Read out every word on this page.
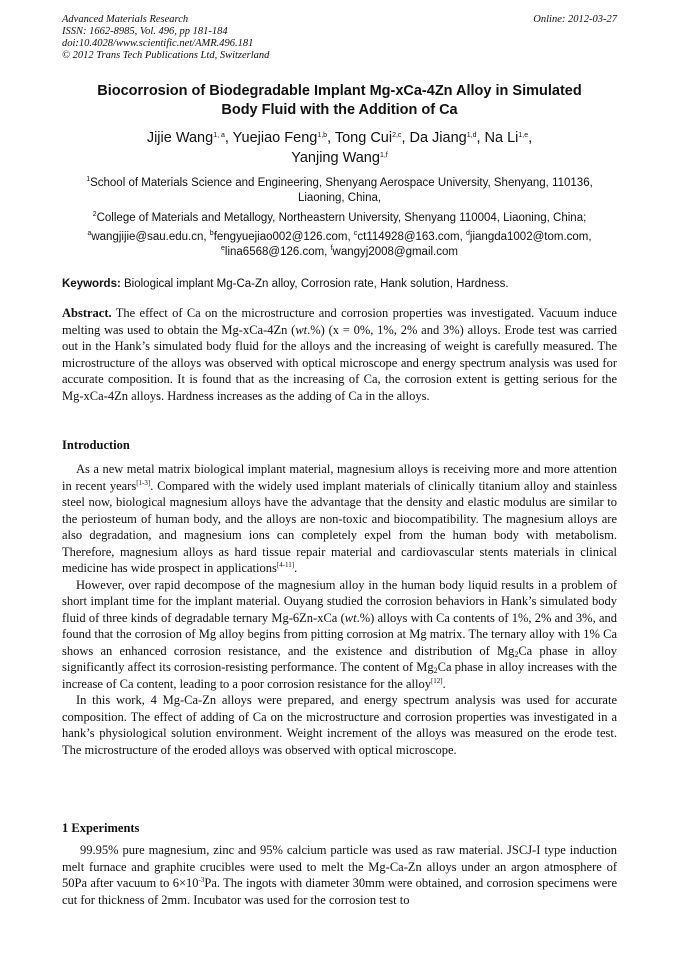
Advanced Materials Research
ISSN: 1662-8985, Vol. 496, pp 181-184
doi:10.4028/www.scientific.net/AMR.496.181
© 2012 Trans Tech Publications Ltd, Switzerland
Online: 2012-03-27
Biocorrosion of Biodegradable Implant Mg-xCa-4Zn Alloy in Simulated
Body Fluid with the Addition of Ca
Jijie Wang$^{1, a}$, Yuejiao Feng$^{1,b}$, Tong Cui$^{2,c}$, Da Jiang$^{1,d}$, Na Li$^{1,e}$,
Yanjing Wang$^{1,f}$
$^1$School of Materials Science and Engineering, Shenyang Aerospace University, Shenyang, 110136, Liaoning, China,
$^2$College of Materials and Metallogy, Northeastern University, Shenyang 110004, Liaoning, China;
$^a$wangjijie@sau.edu.cn, $^b$fengyuejiao002@126.com, $^c$ct114928@163.com, $^d$jiangda1002@tom.com,
$^e$lina6568@126.com, $^f$wangyj2008@gmail.com
Keywords: Biological implant Mg-Ca-Zn alloy, Corrosion rate, Hank solution, Hardness.
Abstract. The effect of Ca on the microstructure and corrosion properties was investigated. Vacuum induce melting was used to obtain the Mg-xCa-4Zn (wt.%) (x = 0%, 1%, 2% and 3%) alloys. Erode test was carried out in the Hank’s simulated body fluid for the alloys and the increasing of weight is carefully measured. The microstructure of the alloys was observed with optical microscope and energy spectrum analysis was used for accurate composition. It is found that as the increasing of Ca, the corrosion extent is getting serious for the Mg-xCa-4Zn alloys. Hardness increases as the adding of Ca in the alloys.
Introduction

As a new metal matrix biological implant material, magnesium alloys is receiving more and more attention in recent years[1-3]. Compared with the widely used implant materials of clinically titanium alloy and stainless steel now, biological magnesium alloys have the advantage that the density and elastic modulus are similar to the periosteum of human body, and the alloys are non-toxic and biocompatibility. The magnesium alloys are also degradation, and magnesium ions can completely expel from the human body with metabolism. Therefore, magnesium alloys as hard tissue repair material and cardiovascular stents materials in clinical medicine has wide prospect in applications[4-11].

However, over rapid decompose of the magnesium alloy in the human body liquid results in a problem of short implant time for the implant material. Ouyang studied the corrosion behaviors in Hank’s simulated body fluid of three kinds of degradable ternary Mg-6Zn-xCa (wt.%) alloys with Ca contents of 1%, 2% and 3%, and found that the corrosion of Mg alloy begins from pitting corrosion at Mg matrix. The ternary alloy with 1% Ca shows an enhanced corrosion resistance, and the existence and distribution of $Mg_2Ca$ phase in alloy significantly affect its corrosion-resisting performance. The content of $Mg_2Ca$ phase in alloy increases with the increase of Ca content, leading to a poor corrosion resistance for the alloy[12].

In this work, 4 Mg-Ca-Zn alloys were prepared, and energy spectrum analysis was used for accurate composition. The effect of adding of Ca on the microstructure and corrosion properties was investigated in a hank’s physiological solution environment. Weight increment of the alloys was measured on the erode test. The microstructure of the eroded alloys was observed with optical microscope.

1 Experiments
99.95% pure magnesium, zinc and 95% calcium particle was used as raw material. JSCJ-I type induction melt furnace and graphite crucibles were used to melt the Mg-Ca-Zn alloys under an argon atmosphere of 50Pa after vacuum to $6\times 10^{-3}Pa$. The ingots with diameter 30mm were obtained, and corrosion specimens were cut for thickness of 2mm. Incubator was used for the corrosion test to
